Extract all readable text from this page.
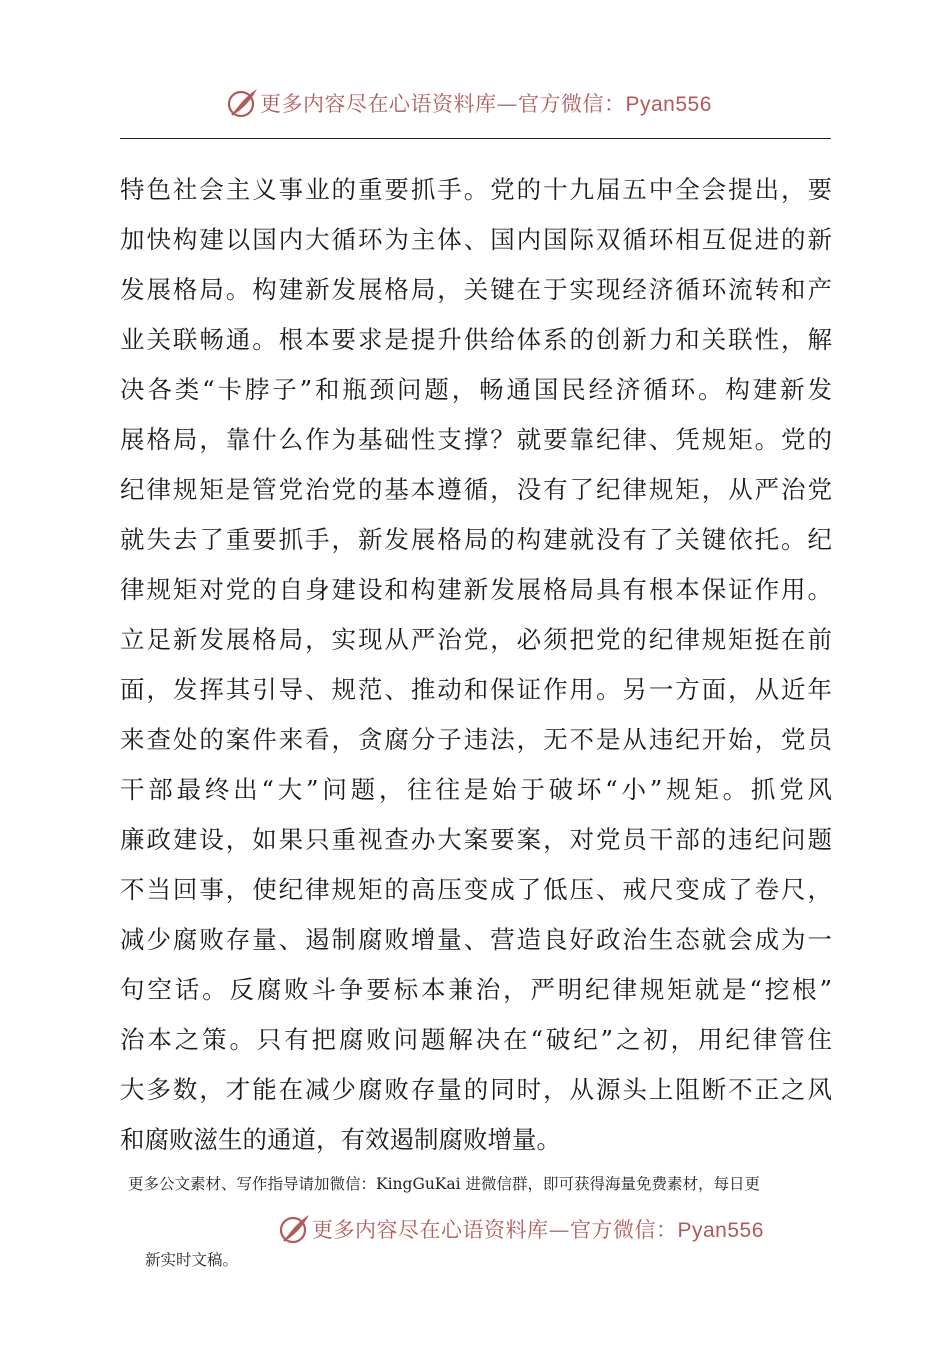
更多内容尽在心语资料库—官方微信：Pyan556
特色社会主义事业的重要抓手。党的十九届五中全会提出，要
加快构建以国内大循环为主体、国内国际双循环相互促进的新
发展格局。构建新发展格局，关键在于实现经济循环流转和产
业关联畅通。根本要求是提升供给体系的创新力和关联性，解
决各类“卡脖子”和瓶颈问题，畅通国民经济循环。构建新发
展格局，靠什么作为基础性支撑？就要靠纪律、凭规矩。党的
纪律规矩是管党治党的基本遵循，没有了纪律规矩，从严治党
就失去了重要抓手，新发展格局的构建就没有了关键依托。纪
律规矩对党的自身建设和构建新发展格局具有根本保证作用。
立足新发展格局，实现从严治党，必须把党的纪律规矩挺在前
面，发挥其引导、规范、推动和保证作用。另一方面，从近年
来查处的案件来看，贪腐分子违法，无不是从违纪开始，党员
干部最终出“大”问题，往往是始于破坏“小”规矩。抓党风
廉政建设，如果只重视查办大案要案，对党员干部的违纪问题
不当回事，使纪律规矩的高压变成了低压、戒尺变成了卷尺，
减少腐败存量、遏制腐败增量、营造良好政治生态就会成为一
句空话。反腐败斗争要标本兼治，严明纪律规矩就是“挖根”
治本之策。只有把腐败问题解决在“破纪”之初，用纪律管住
大多数，才能在减少腐败存量的同时，从源头上阻断不正之风
和腐败滋生的通道，有效遏制腐败增量。
更多公文素材、写作指导请加微信：KingGuKai 进微信群，即可获得海量免费素材，每日更
更多内容尽在心语资料库—官方微信：Pyan556
新实时文稿。
